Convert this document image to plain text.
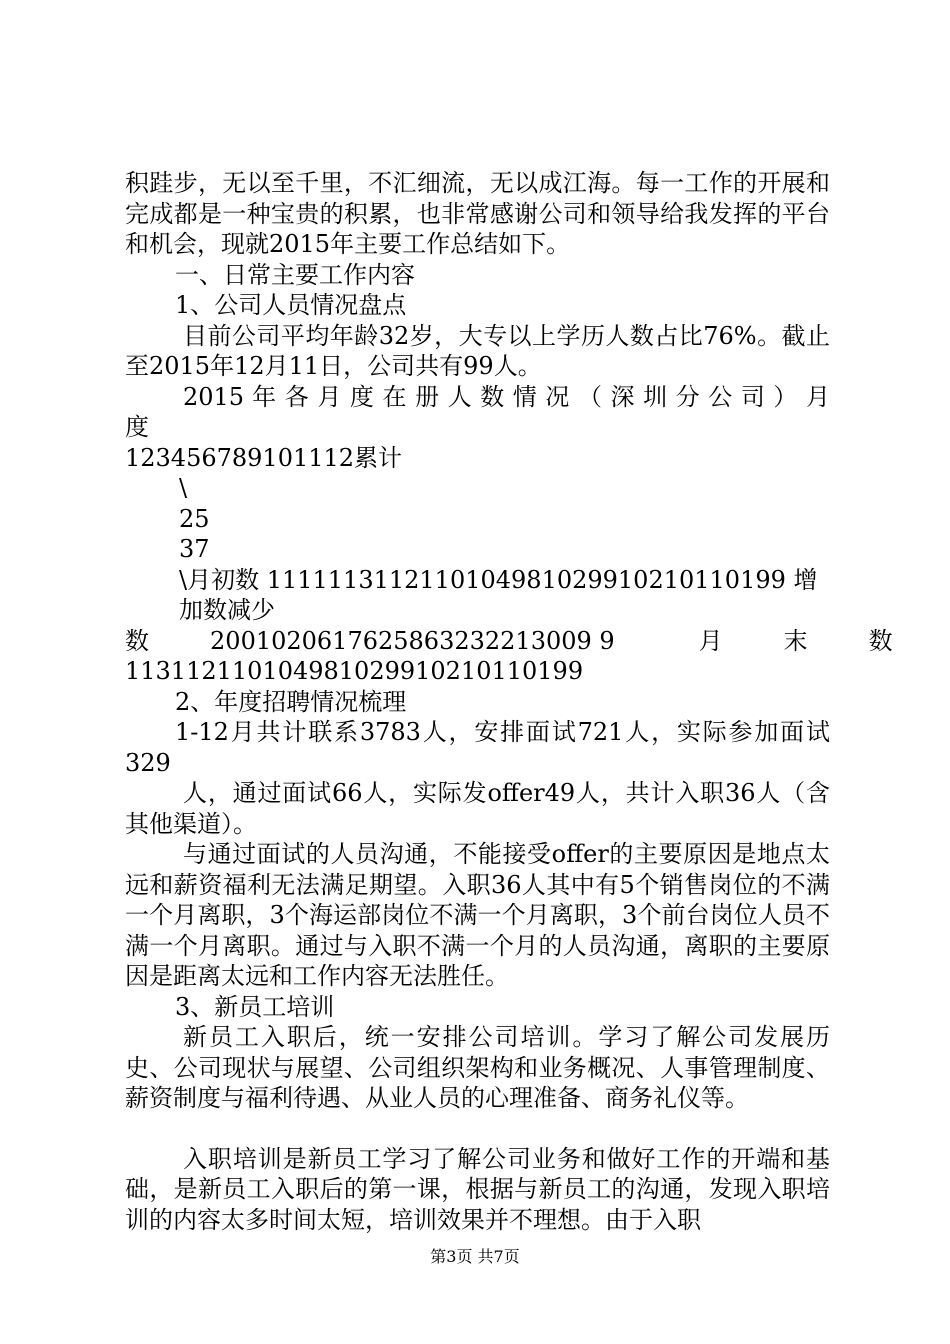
积跬步，无以至千里，不汇细流，无以成江海。每一工作的开展和完成都是一种宝贵的积累，也非常感谢公司和领导给我发挥的平台和机会，现就2015年主要工作总结如下。

一、日常主要工作内容

1、公司人员情况盘点

目前公司平均年龄32岁，大专以上学历人数占比76%。截止至2015年12月11日，公司共有99人。

2015 年 各 月 度 在 册 人 数 情 况 （ 深 圳 分 公 司 ） 月 度

123456789101112累计

\

25

37

\月初数 1111113112110104981029910210110199 增加数减少

数        2001020617625863232213009 9           月        末        数

113112110104981029910210110199

2、年度招聘情况梳理

1-12月共计联系3783人，安排面试721人，实际参加面试329

人，通过面试66人，实际发offer49人，共计入职36人（含其他渠道）。

与通过面试的人员沟通，不能接受offer的主要原因是地点太远和薪资福利无法满足期望。入职36人其中有5个销售岗位的不满一个月离职，3个海运部岗位不满一个月离职，3个前台岗位人员不满一个月离职。通过与入职不满一个月的人员沟通，离职的主要原因是距离太远和工作内容无法胜任。

3、新员工培训

新员工入职后，统一安排公司培训。学习了解公司发展历史、公司现状与展望、公司组织架构和业务概况、人事管理制度、薪资制度与福利待遇、从业人员的心理准备、商务礼仪等。

入职培训是新员工学习了解公司业务和做好工作的开端和基础，是新员工入职后的第一课，根据与新员工的沟通，发现入职培训的内容太多时间太短，培训效果并不理想。由于入职

第3页 共7页
